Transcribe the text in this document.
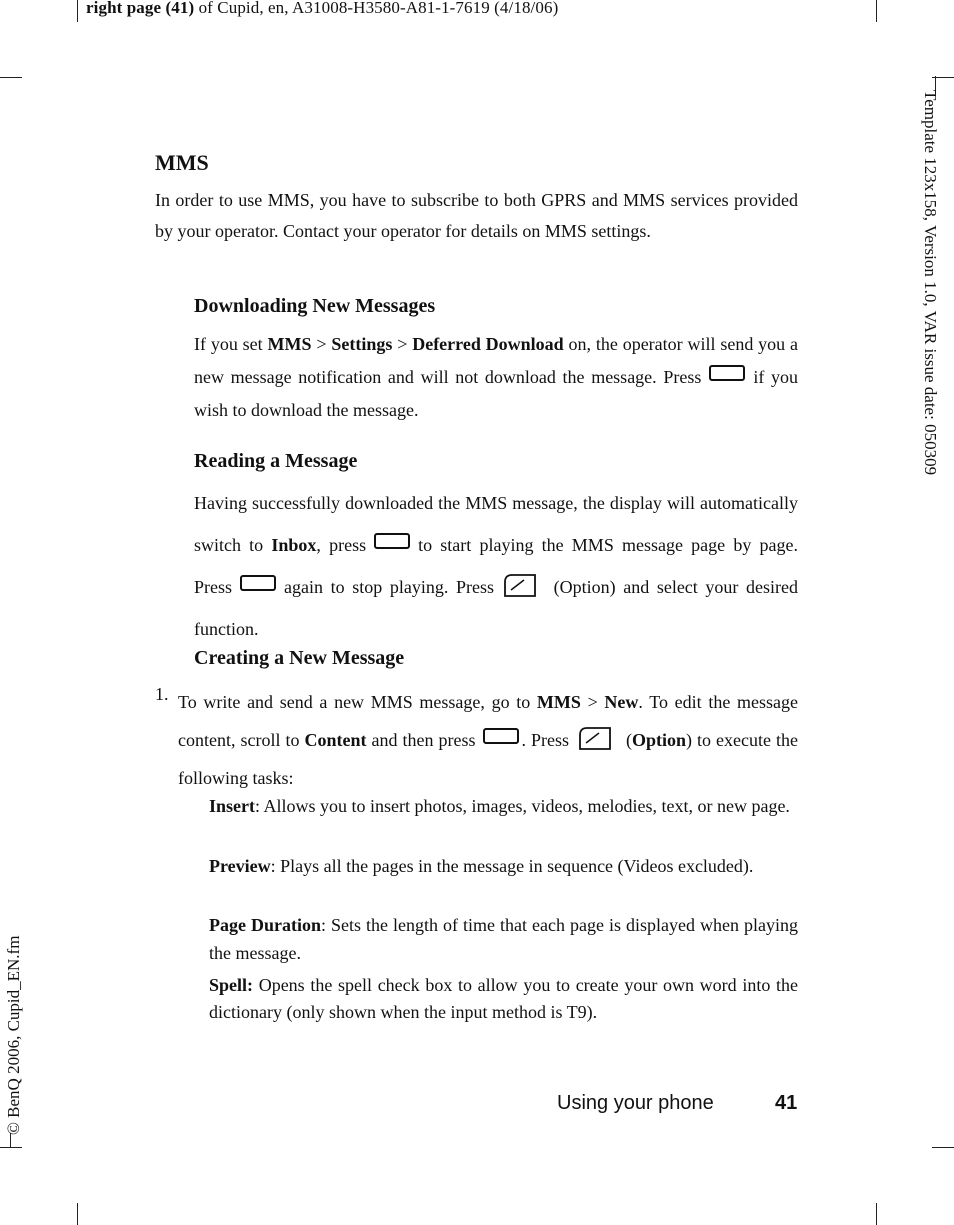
right page (41) of Cupid, en, A31008-H3580-A81-1-7619 (4/18/06)
Template 123x158, Version 1.0, VAR issue date: 050309
© BenQ 2006, Cupid_EN.fm
MMS

In order to use MMS, you have to subscribe to both GPRS and MMS services provided by your operator. Contact your operator for details on MMS settings.

Downloading New Messages

If you set MMS > Settings > Deferred Download on, the operator will send you a new message notification and will not download the message. Press	if you wish to download the message.

Reading a Message

Having successfully downloaded the MMS message, the display will automatically switch to Inbox, press	to start playing the MMS message page by page. Press	again to stop playing. Press	(Option) and select your desired function.

Creating a New Message
1. To write and send a new MMS message, go to MMS > New. To edit the message content, scroll to Content and then press	. Press	(Option) to execute the following tasks:

Insert: Allows you to insert photos, images, videos, melodies, text, or new page.

Preview: Plays all the pages in the message in sequence (Videos excluded).

Page Duration: Sets the length of time that each page is displayed when playing the message.

Spell: Opens the spell check box to allow you to create your own word into the dictionary (only shown when the input method is T9).

Using your phone	41
